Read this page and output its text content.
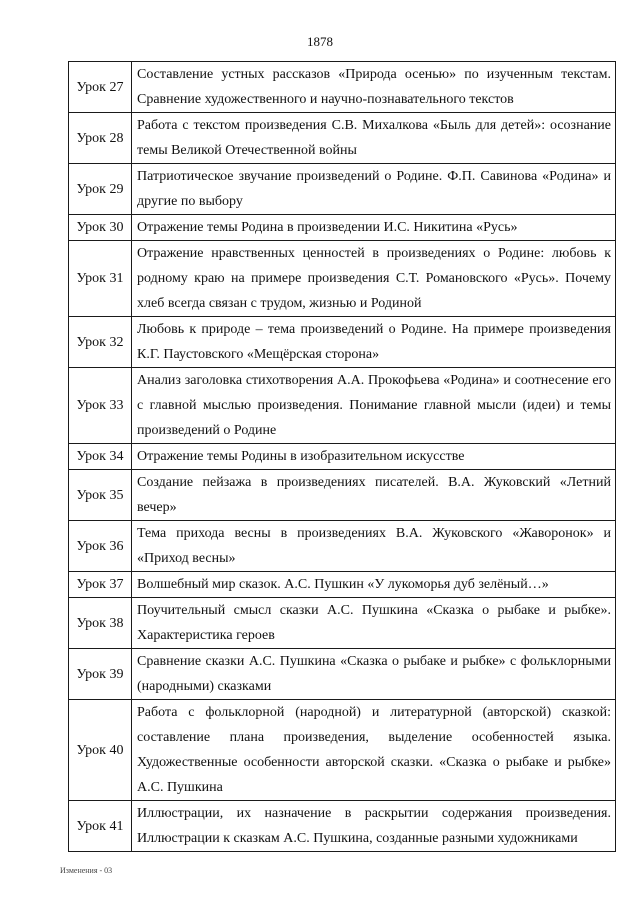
1878
Урок 27	Составление устных рассказов «Природа осенью» по изученным текстам. Сравнение художественного и научно-познавательного текстов
Урок 28	Работа с текстом произведения С.В. Михалкова «Быль для детей»: осознание темы Великой Отечественной войны
Урок 29	Патриотическое звучание произведений о Родине. Ф.П. Савинова «Родина» и другие по выбору
Урок 30	Отражение темы Родина в произведении И.С. Никитина «Русь»
Урок 31	Отражение нравственных ценностей в произведениях о Родине: любовь к родному краю на примере произведения С.Т. Романовского «Русь». Почему хлеб всегда связан с трудом, жизнью и Родиной
Урок 32	Любовь к природе – тема произведений о Родине. На примере произведения К.Г. Паустовского «Мещёрская сторона»
Урок 33	Анализ заголовка стихотворения А.А. Прокофьева «Родина» и соотнесение его с главной мыслью произведения. Понимание главной мысли (идеи) и темы произведений о Родине
Урок 34	Отражение темы Родины в изобразительном искусстве
Урок 35	Создание пейзажа в произведениях писателей. В.А. Жуковский «Летний вечер»
Урок 36	Тема прихода весны в произведениях В.А. Жуковского «Жаворонок» и «Приход весны»
Урок 37	Волшебный мир сказок. А.С. Пушкин «У лукоморья дуб зелёный…»
Урок 38	Поучительный смысл сказки А.С. Пушкина «Сказка о рыбаке и рыбке». Характеристика героев
Урок 39	Сравнение сказки А.С. Пушкина «Сказка о рыбаке и рыбке» с фольклорными (народными) сказками
Урок 40	Работа с фольклорной (народной) и литературной (авторской) сказкой: составление плана произведения, выделение особенностей языка. Художественные особенности авторской сказки. «Сказка о рыбаке и рыбке» А.С. Пушкина
Урок 41	Иллюстрации, их назначение в раскрытии содержания произведения. Иллюстрации к сказкам А.С. Пушкина, созданные разными художниками
Изменения - 03
